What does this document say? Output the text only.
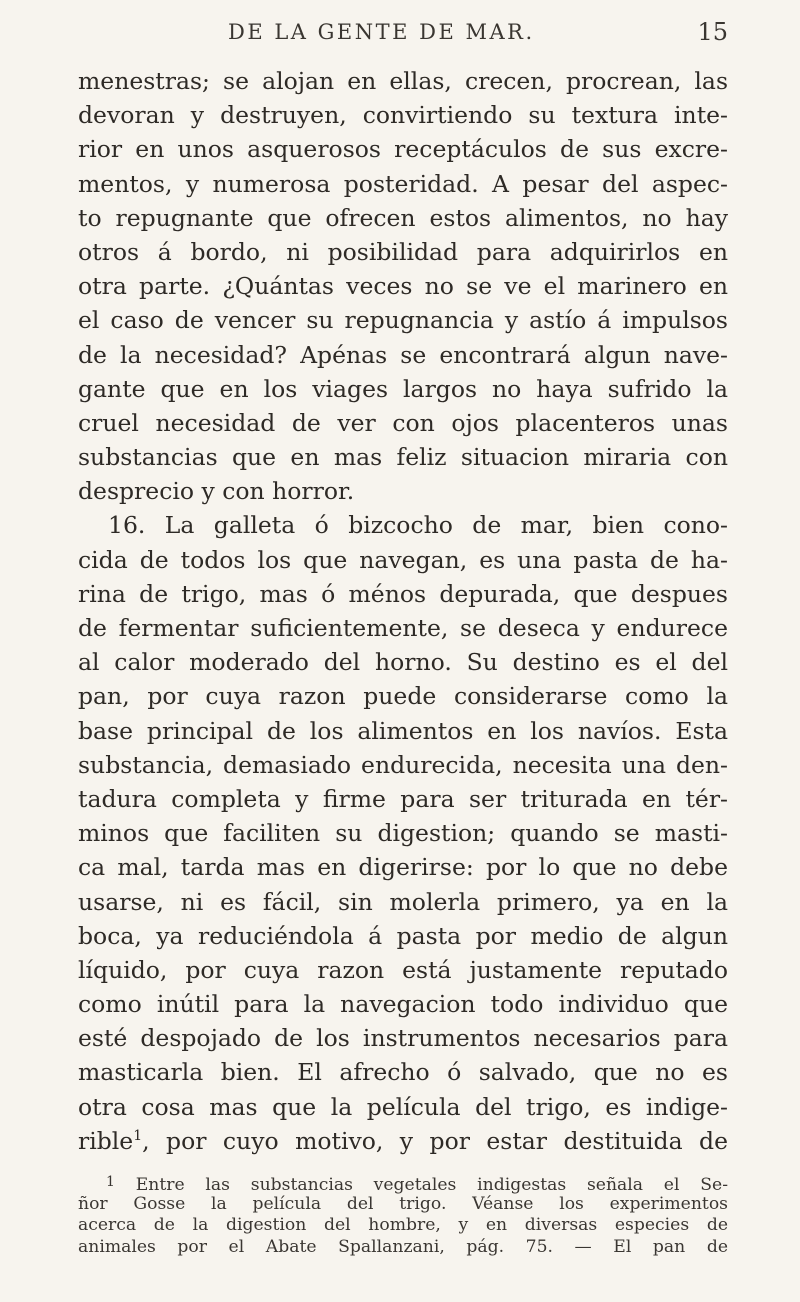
DE LA GENTE DE MAR.	15
menestras; se alojan en ellas, crecen, procrean, las
devoran y destruyen, convirtiendo su textura inte-
rior en unos asquerosos receptáculos de sus excre-
mentos, y numerosa posteridad. A pesar del aspec-
to repugnante que ofrecen estos alimentos, no hay
otros á bordo, ni posibilidad para adquirirlos en
otra parte. ¿Quántas veces no se ve el marinero en
el caso de vencer su repugnancia y astío á impulsos
de la necesidad? Apénas se encontrará algun nave-
gante que en los viages largos no haya sufrido la
cruel necesidad de ver con ojos placenteros unas
substancias que en mas feliz situacion miraria con
desprecio y con horror.
16. La galleta ó bizcocho de mar, bien cono-
cida de todos los que navegan, es una pasta de ha-
rina de trigo, mas ó ménos depurada, que despues
de fermentar suficientemente, se deseca y endurece
al calor moderado del horno. Su destino es el del
pan, por cuya razon puede considerarse como la
base principal de los alimentos en los navíos. Esta
substancia, demasiado endurecida, necesita una den-
tadura completa y firme para ser triturada en tér-
minos que faciliten su digestion; quando se masti-
ca mal, tarda mas en digerirse: por lo que no debe
usarse, ni es fácil, sin molerla primero, ya en la
boca, ya reduciéndola á pasta por medio de algun
líquido, por cuya razon está justamente reputado
como inútil para la navegacion todo individuo que
esté despojado de los instrumentos necesarios para
masticarla bien. El afrecho ó salvado, que no es
otra cosa mas que la película del trigo, es indige-
rible$^1$, por cuyo motivo, y por estar destituida de
$^1$ Entre las substancias vegetales indigestas señala el Se-
ñor Gosse la película del trigo. Véanse los experimentos
acerca de la digestion del hombre, y en diversas especies de
animales por el Abate Spallanzani, pág. 75. — El pan de
